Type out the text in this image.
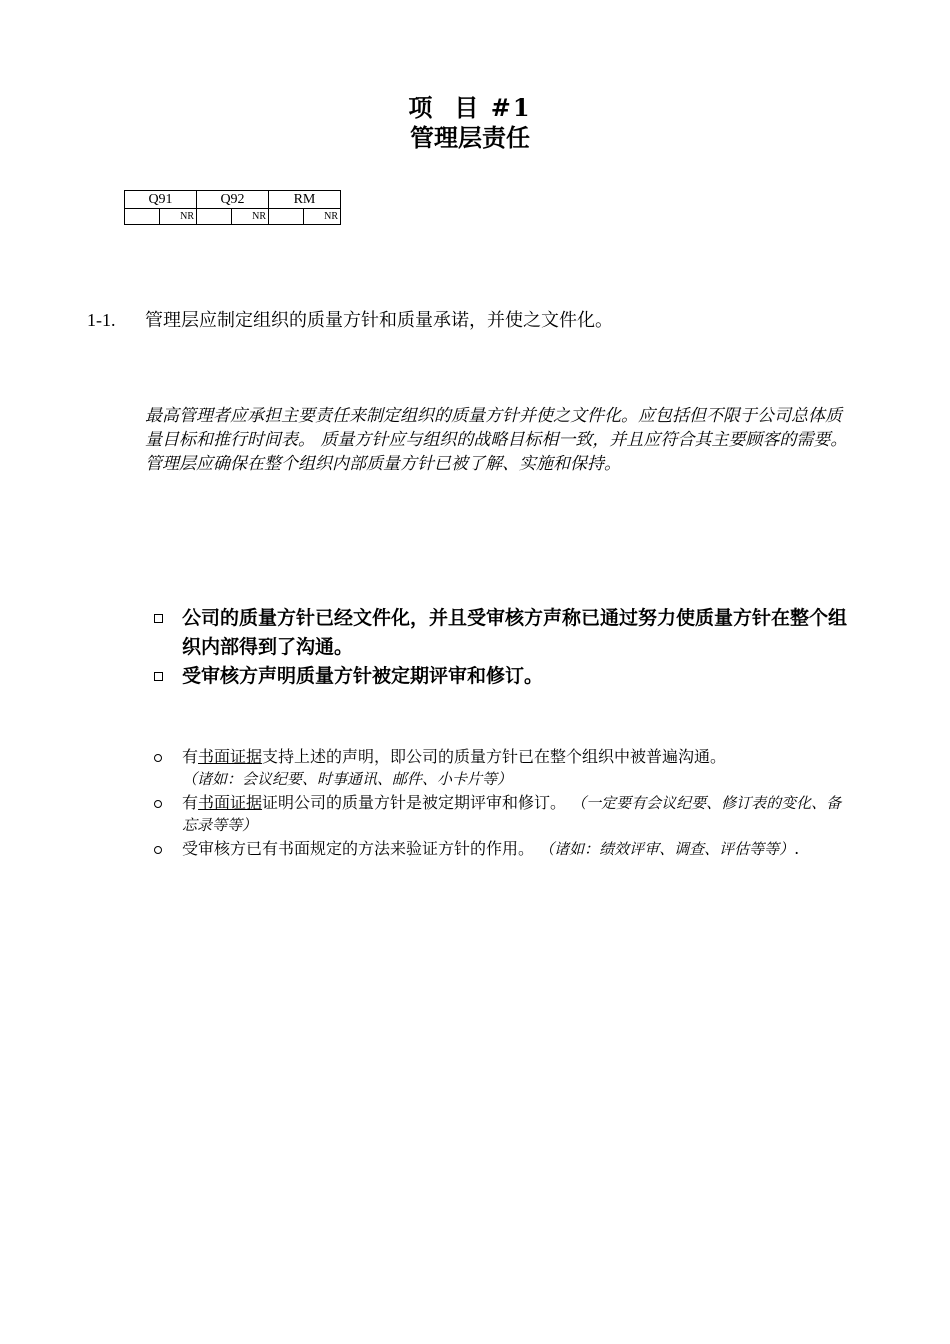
项 目 #1
管理层责任
Q91		Q92		RM	
	NR		NR		NR
1-1. 管理层应制定组织的质量方针和质量承诺，并使之文件化。
最高管理者应承担主要责任来制定组织的质量方针并使之文件化。应包括但不限于公司总体质量目标和推行时间表。 质量方针应与组织的战略目标相一致，并且应符合其主要顾客的需要。管理层应确保在整个组织内部质量方针已被了解、实施和保持。
公司的质量方针已经文件化，并且受审核方声称已通过努力使质量方针在整个组织内部得到了沟通。
受审核方声明质量方针被定期评审和修订。
有书面证据支持上述的声明，即公司的质量方针已在整个组织中被普遍沟通。
（诸如：会议纪要、时事通讯、邮件、小卡片等）
有书面证据证明公司的质量方针是被定期评审和修订。 （一定要有会议纪要、修订表的变化、备忘录等等）
受审核方已有书面规定的方法来验证方针的作用。 （诸如：绩效评审、调查、评估等等）.
